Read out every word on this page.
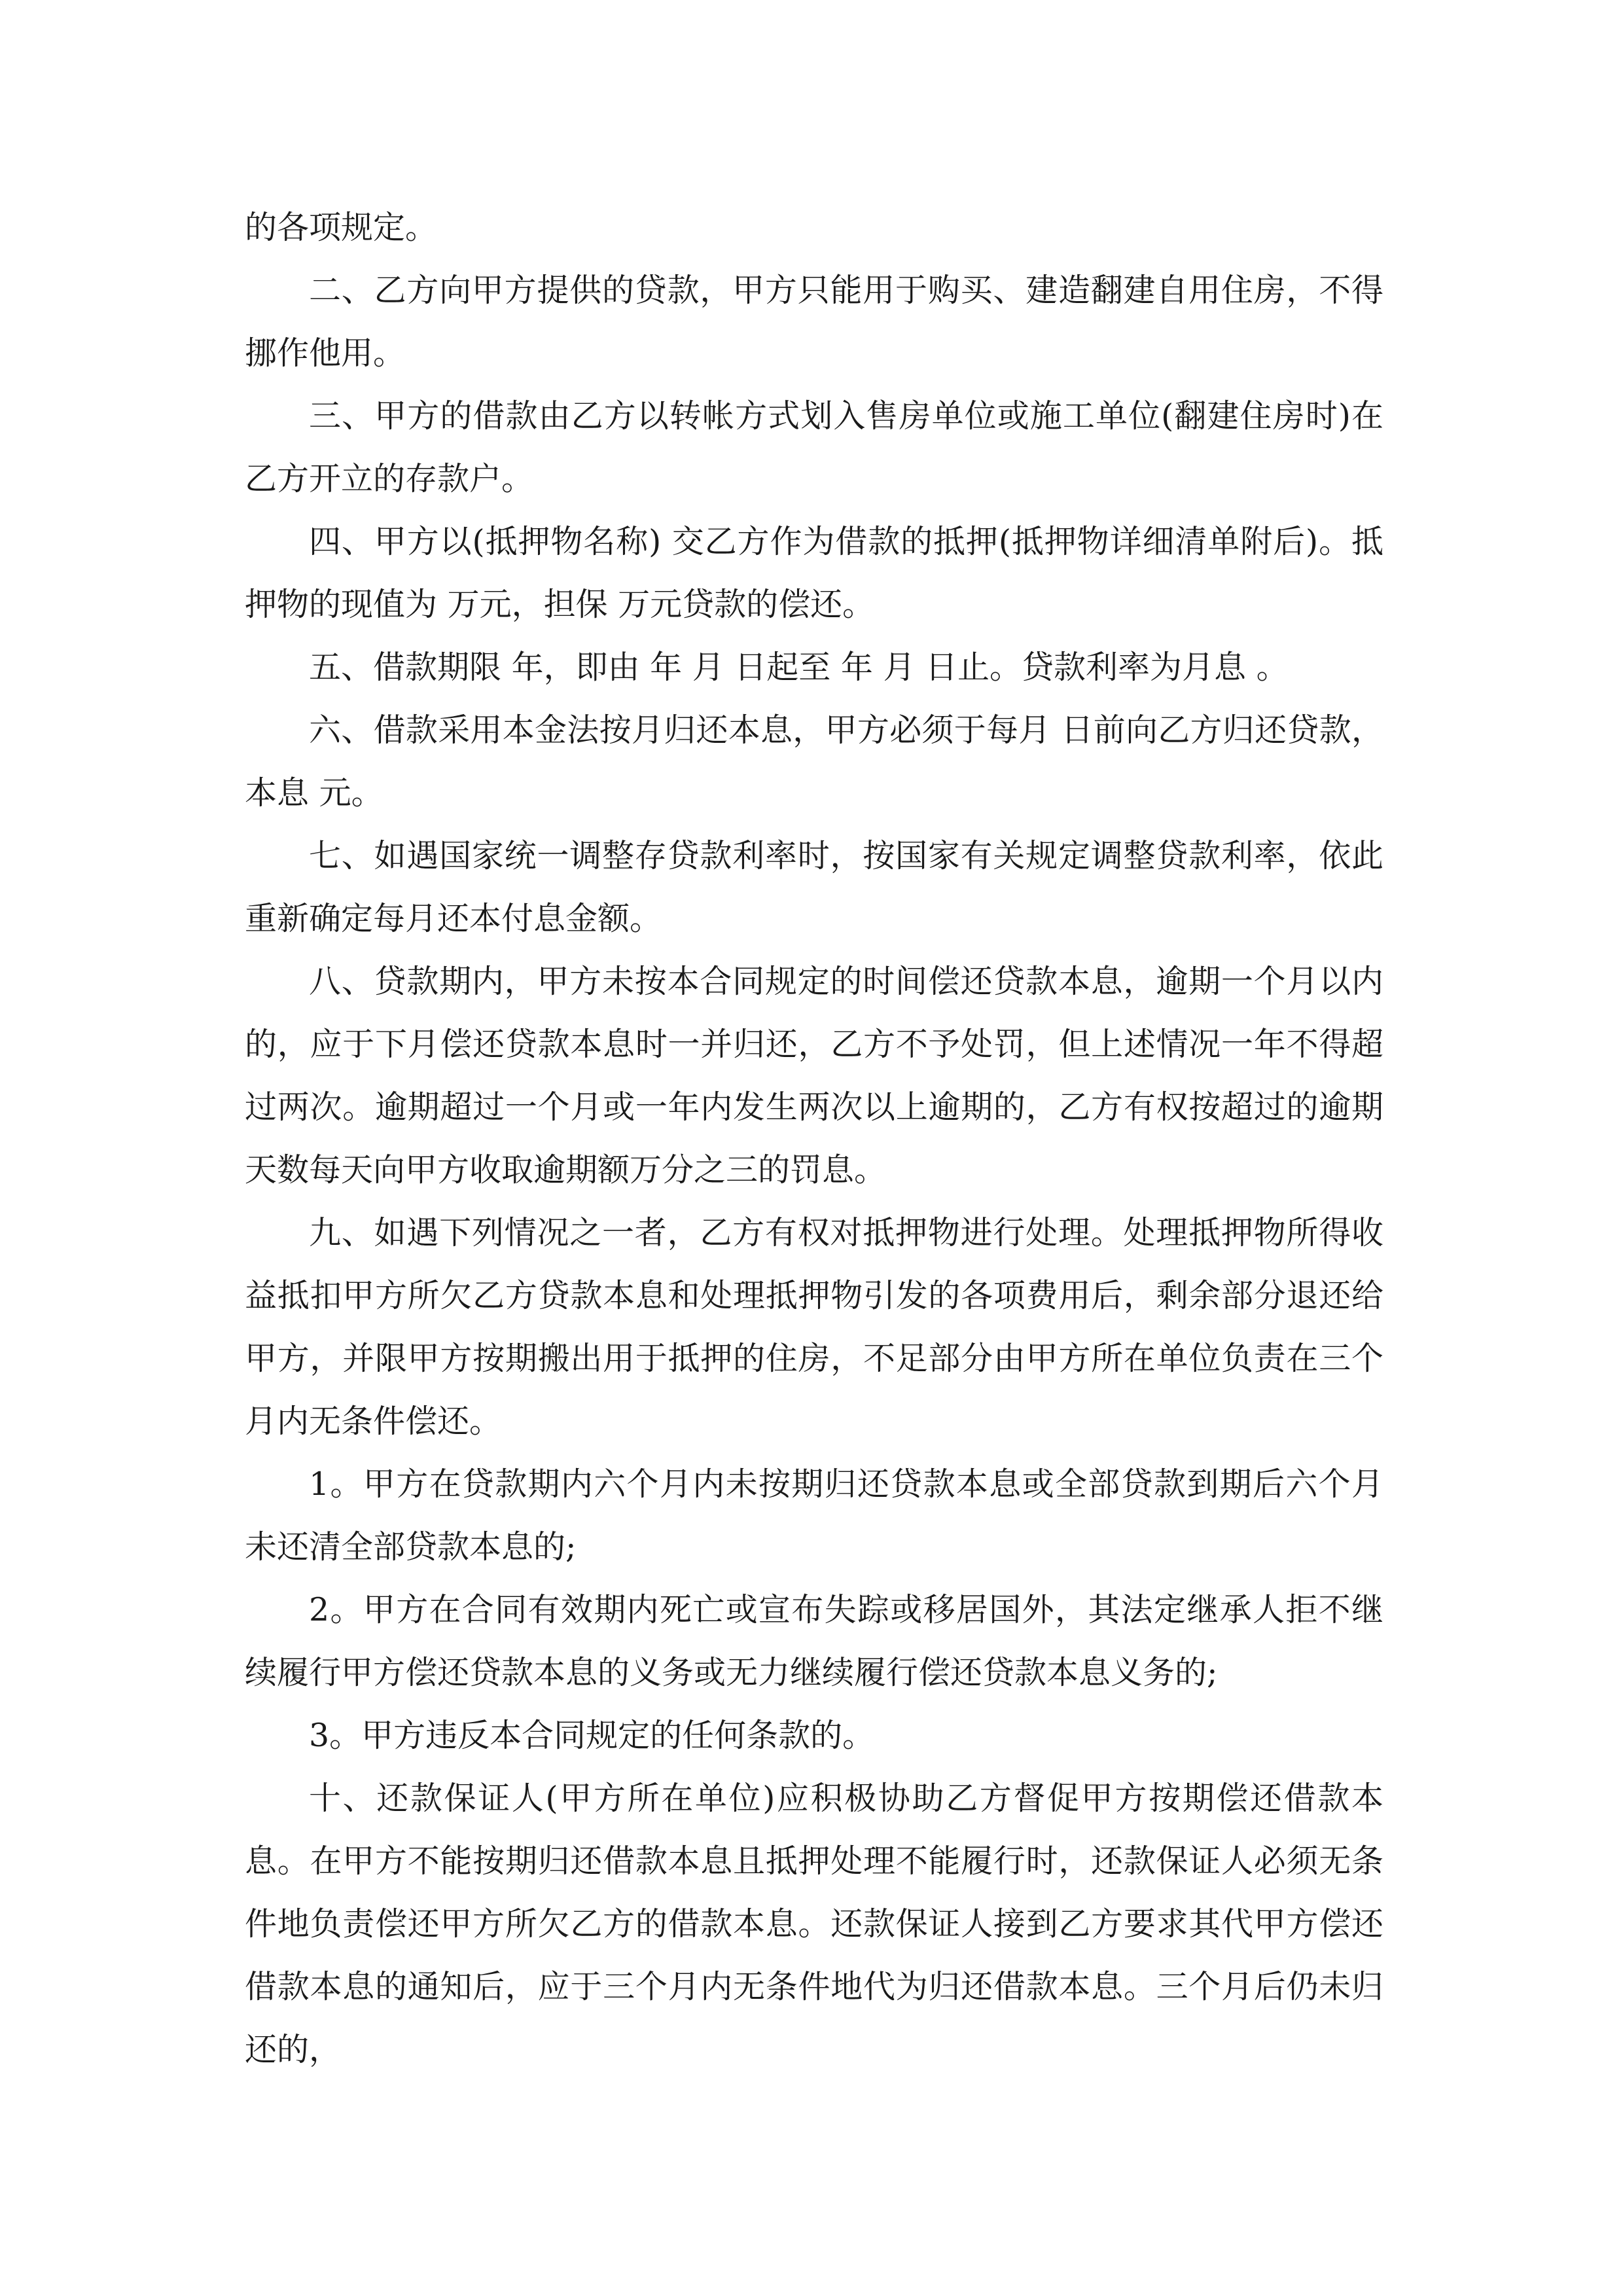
的各项规定。

二、乙方向甲方提供的贷款，甲方只能用于购买、建造翻建自用住房，不得挪作他用。

三、甲方的借款由乙方以转帐方式划入售房单位或施工单位(翻建住房时)在乙方开立的存款户。

四、甲方以(抵押物名称) 交乙方作为借款的抵押(抵押物详细清单附后)。抵押物的现值为 万元，担保 万元贷款的偿还。

五、借款期限 年，即由 年 月 日起至 年 月 日止。贷款利率为月息 。

六、借款采用本金法按月归还本息，甲方必须于每月 日前向乙方归还贷款，本息 元。

七、如遇国家统一调整存贷款利率时，按国家有关规定调整贷款利率，依此重新确定每月还本付息金额。

八、贷款期内，甲方未按本合同规定的时间偿还贷款本息，逾期一个月以内的，应于下月偿还贷款本息时一并归还，乙方不予处罚，但上述情况一年不得超过两次。逾期超过一个月或一年内发生两次以上逾期的，乙方有权按超过的逾期天数每天向甲方收取逾期额万分之三的罚息。

九、如遇下列情况之一者，乙方有权对抵押物进行处理。处理抵押物所得收益抵扣甲方所欠乙方贷款本息和处理抵押物引发的各项费用后，剩余部分退还给甲方，并限甲方按期搬出用于抵押的住房，不足部分由甲方所在单位负责在三个月内无条件偿还。

1。甲方在贷款期内六个月内未按期归还贷款本息或全部贷款到期后六个月未还清全部贷款本息的;

2。甲方在合同有效期内死亡或宣布失踪或移居国外，其法定继承人拒不继续履行甲方偿还贷款本息的义务或无力继续履行偿还贷款本息义务的;

3。甲方违反本合同规定的任何条款的。

十、还款保证人(甲方所在单位)应积极协助乙方督促甲方按期偿还借款本息。在甲方不能按期归还借款本息且抵押处理不能履行时，还款保证人必须无条件地负责偿还甲方所欠乙方的借款本息。还款保证人接到乙方要求其代甲方偿还借款本息的通知后，应于三个月内无条件地代为归还借款本息。三个月后仍未归还的，
